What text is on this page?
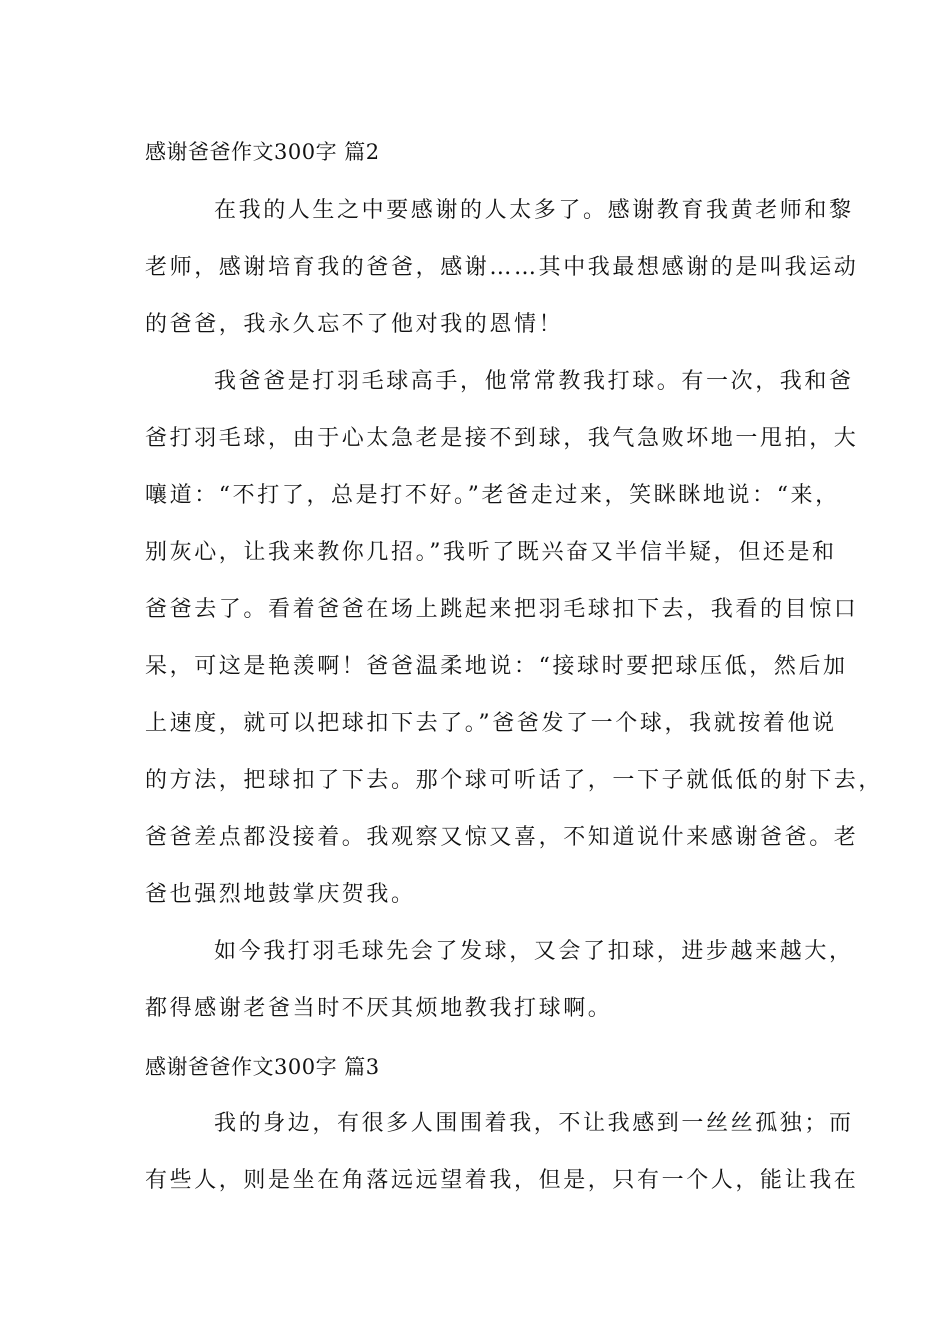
感谢爸爸作文300字 篇2
在我的人生之中要感谢的人太多了。感谢教育我黄老师和黎
老师，感谢培育我的爸爸，感谢……其中我最想感谢的是叫我运动
的爸爸，我永久忘不了他对我的恩情！
我爸爸是打羽毛球高手，他常常教我打球。有一次，我和爸
爸打羽毛球，由于心太急老是接不到球，我气急败坏地一甩拍，大
嚷道：“不打了，总是打不好。”老爸走过来，笑眯眯地说：“来，
别灰心，让我来教你几招。”我听了既兴奋又半信半疑，但还是和
爸爸去了。看着爸爸在场上跳起来把羽毛球扣下去，我看的目惊口
呆，可这是艳羡啊！爸爸温柔地说：“接球时要把球压低，然后加
上速度，就可以把球扣下去了。”爸爸发了一个球，我就按着他说
的方法，把球扣了下去。那个球可听话了，一下子就低低的射下去，
爸爸差点都没接着。我观察又惊又喜，不知道说什来感谢爸爸。老
爸也强烈地鼓掌庆贺我。
如今我打羽毛球先会了发球，又会了扣球，进步越来越大，
都得感谢老爸当时不厌其烦地教我打球啊。
感谢爸爸作文300字 篇3
我的身边，有很多人围围着我，不让我感到一丝丝孤独；而
有些人，则是坐在角落远远望着我，但是，只有一个人，能让我在
